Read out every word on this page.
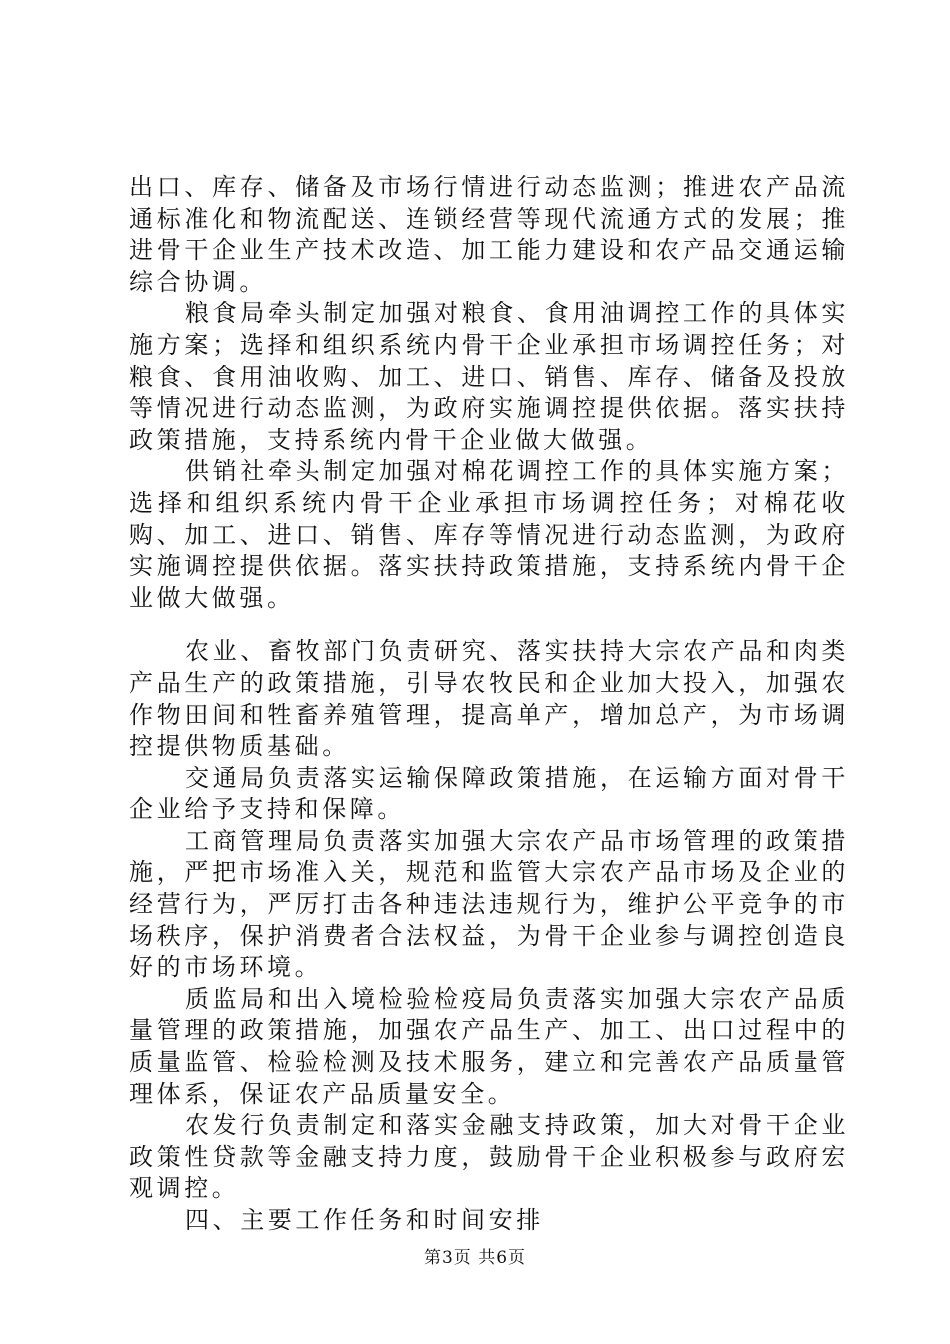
出口、库存、储备及市场行情进行动态监测；推进农产品流通标准化和物流配送、连锁经营等现代流通方式的发展；推进骨干企业生产技术改造、加工能力建设和农产品交通运输综合协调。

粮食局牵头制定加强对粮食、食用油调控工作的具体实施方案；选择和组织系统内骨干企业承担市场调控任务；对粮食、食用油收购、加工、进口、销售、库存、储备及投放等情况进行动态监测，为政府实施调控提供依据。落实扶持政策措施，支持系统内骨干企业做大做强。

供销社牵头制定加强对棉花调控工作的具体实施方案；选择和组织系统内骨干企业承担市场调控任务；对棉花收购、加工、进口、销售、库存等情况进行动态监测，为政府实施调控提供依据。落实扶持政策措施，支持系统内骨干企业做大做强。

农业、畜牧部门负责研究、落实扶持大宗农产品和肉类产品生产的政策措施，引导农牧民和企业加大投入，加强农作物田间和牲畜养殖管理，提高单产，增加总产，为市场调控提供物质基础。

交通局负责落实运输保障政策措施，在运输方面对骨干企业给予支持和保障。

工商管理局负责落实加强大宗农产品市场管理的政策措施，严把市场准入关，规范和监管大宗农产品市场及企业的经营行为，严厉打击各种违法违规行为，维护公平竞争的市场秩序，保护消费者合法权益，为骨干企业参与调控创造良好的市场环境。

质监局和出入境检验检疫局负责落实加强大宗农产品质量管理的政策措施，加强农产品生产、加工、出口过程中的质量监管、检验检测及技术服务，建立和完善农产品质量管理体系，保证农产品质量安全。

农发行负责制定和落实金融支持政策，加大对骨干企业政策性贷款等金融支持力度，鼓励骨干企业积极参与政府宏观调控。

四、主要工作任务和时间安排

第3页 共6页
